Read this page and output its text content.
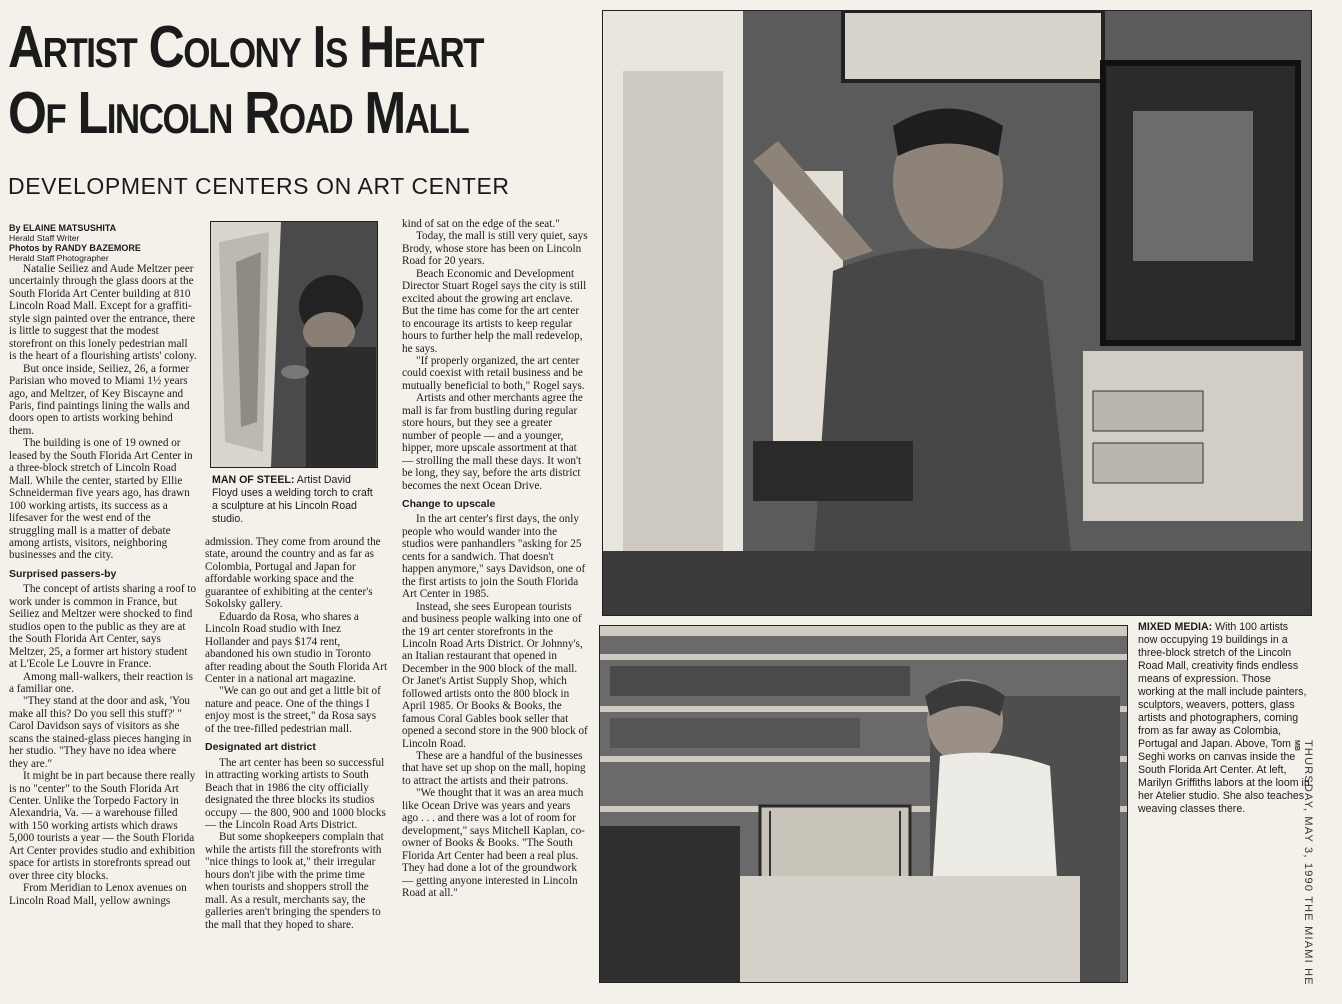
Artist Colony Is Heart
Of Lincoln Road Mall
DEVELOPMENT CENTERS ON ART CENTER
By ELAINE MATSUSHITA
Herald Staff Writer
Photos by RANDY BAZEMORE
Herald Staff Photographer

Natalie Seiliez and Aude Meltzer peer uncertainly through the glass doors at the South Florida Art Center building at 810 Lincoln Road Mall. Except for a graffiti-style sign painted over the entrance, there is little to suggest that the modest storefront on this lonely pedestrian mall is the heart of a flourishing artists' colony.

But once inside, Seiliez, 26, a former Parisian who moved to Miami 1½ years ago, and Meltzer, of Key Biscayne and Paris, find paintings lining the walls and doors open to artists working behind them.

The building is one of 19 owned or leased by the South Florida Art Center in a three-block stretch of Lincoln Road Mall. While the center, started by Ellie Schneiderman five years ago, has drawn 100 working artists, its success as a lifesaver for the west end of the struggling mall is a matter of debate among artists, visitors, neighboring businesses and the city.

Surprised passers-by

The concept of artists sharing a roof to work under is common in France, but Seiliez and Meltzer were shocked to find studios open to the public as they are at the South Florida Art Center, says Meltzer, 25, a former art history student at L'Ecole Le Louvre in France.

Among mall-walkers, their reaction is a familiar one.

"They stand at the door and ask, 'You make all this? Do you sell this stuff?' " Carol Davidson says of visitors as she scans the stained-glass pieces hanging in her studio. "They have no idea where they are."

It might be in part because there really is no "center" to the South Florida Art Center. Unlike the Torpedo Factory in Alexandria, Va. — a warehouse filled with 150 working artists which draws 5,000 tourists a year — the South Florida Art Center provides studio and exhibition space for artists in storefronts spread out over three city blocks.

From Meridian to Lenox avenues on Lincoln Road Mall, yellow awnings

MAN OF STEEL: Artist David Floyd uses a welding torch to craft a sculpture at his Lincoln Road studio.

admission. They come from around the state, around the country and as far as Colombia, Portugal and Japan for affordable working space and the guarantee of exhibiting at the center's Sokolsky gallery.

Eduardo da Rosa, who shares a Lincoln Road studio with Inez Hollander and pays $174 rent, abandoned his own studio in Toronto after reading about the South Florida Art Center in a national art magazine.

"We can go out and get a little bit of nature and peace. One of the things I enjoy most is the street," da Rosa says of the tree-filled pedestrian mall.

Designated art district

The art center has been so successful in attracting working artists to South Beach that in 1986 the city officially designated the three blocks its studios occupy — the 800, 900 and 1000 blocks — the Lincoln Road Arts District.

But some shopkeepers complain that while the artists fill the storefronts with "nice things to look at," their irregular hours don't jibe with the prime time when tourists and shoppers stroll the mall. As a result, merchants say, the galleries aren't bringing the spenders to the mall that they hoped to share.

kind of sat on the edge of the seat."

Today, the mall is still very quiet, says Brody, whose store has been on Lincoln Road for 20 years.

Beach Economic and Development Director Stuart Rogel says the city is still excited about the growing art enclave. But the time has come for the art center to encourage its artists to keep regular hours to further help the mall redevelop, he says.

"If properly organized, the art center could coexist with retail business and be mutually beneficial to both," Rogel says.

Artists and other merchants agree the mall is far from bustling during regular store hours, but they see a greater number of people — and a younger, hipper, more upscale assortment at that — strolling the mall these days. It won't be long, they say, before the arts district becomes the next Ocean Drive.

Change to upscale

In the art center's first days, the only people who would wander into the studios were panhandlers "asking for 25 cents for a sandwich. That doesn't happen anymore," says Davidson, one of the first artists to join the South Florida Art Center in 1985.

Instead, she sees European tourists and business people walking into one of the 19 art center storefronts in the Lincoln Road Arts District. Or Johnny's, an Italian restaurant that opened in December in the 900 block of the mall. Or Janet's Artist Supply Shop, which followed artists onto the 800 block in April 1985. Or Books & Books, the famous Coral Gables book seller that opened a second store in the 900 block of Lincoln Road.

These are a handful of the businesses that have set up shop on the mall, hoping to attract the artists and their patrons.

"We thought that it was an area much like Ocean Drive was years and years ago . . . and there was a lot of room for development," says Mitchell Kaplan, co-owner of Books & Books. "The South Florida Art Center had been a real plus. They had done a lot of the groundwork — getting anyone interested in Lincoln Road at all."

MIXED MEDIA: With 100 artists now occupying 19 buildings in a three-block stretch of the Lincoln Road Mall, creativity finds endless means of expression. Those working at the mall include painters, sculptors, weavers, potters, glass artists and photographers, coming from as far away as Colombia, Portugal and Japan. Above, Tom Seghi works on canvas inside the South Florida Art Center. At left, Marilyn Griffiths labors at the loom in her Atelier studio. She also teaches weaving classes there.
MB THURSDAY, MAY 3, 1990 THE MIAMI HE
